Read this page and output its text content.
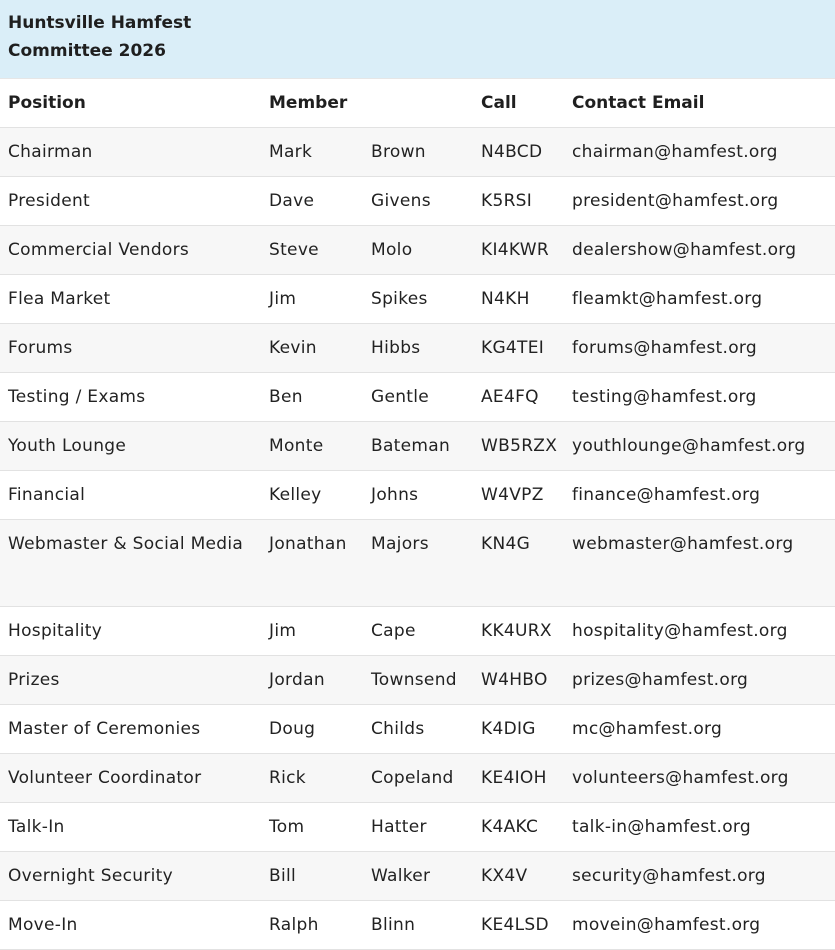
Huntsville Hamfest
Committee 2026				
Position	Member		Call	Contact Email
Chairman	Mark	Brown	N4BCD	chairman@hamfest.org
President	Dave	Givens	K5RSI	president@hamfest.org
Commercial Vendors	Steve	Molo	KI4KWR	dealershow@hamfest.org
Flea Market	Jim	Spikes	N4KH	fleamkt@hamfest.org
Forums	Kevin	Hibbs	KG4TEI	forums@hamfest.org
Testing / Exams	Ben	Gentle	AE4FQ	testing@hamfest.org
Youth Lounge	Monte	Bateman	WB5RZX	youthlounge@hamfest.org
Financial	Kelley	Johns	W4VPZ	finance@hamfest.org
Webmaster & Social Media	Jonathan	Majors	KN4G	webmaster@hamfest.org
Hospitality	Jim	Cape	KK4URX	hospitality@hamfest.org
Prizes	Jordan	Townsend	W4HBO	prizes@hamfest.org
Master of Ceremonies	Doug	Childs	K4DIG	mc@hamfest.org
Volunteer Coordinator	Rick	Copeland	KE4IOH	volunteers@hamfest.org
Talk-In	Tom	Hatter	K4AKC	talk-in@hamfest.org
Overnight Security	Bill	Walker	KX4V	security@hamfest.org
Move-In	Ralph	Blinn	KE4LSD	movein@hamfest.org
